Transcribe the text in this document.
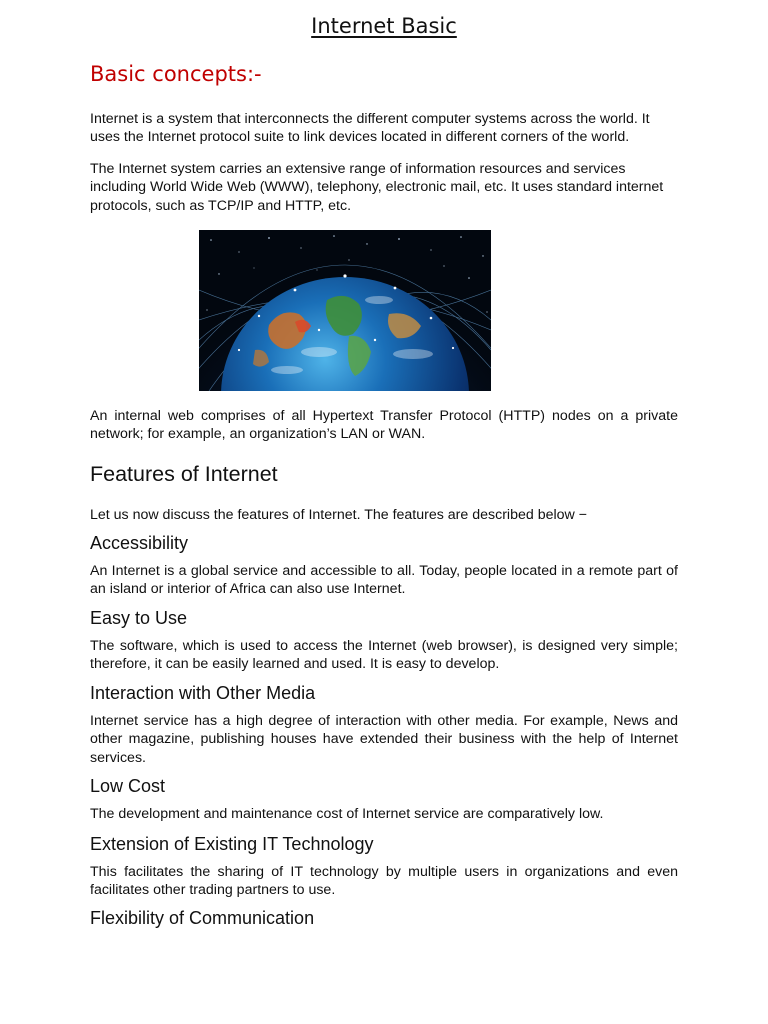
Internet Basic
Basic concepts:-

Internet is a system that interconnects the different computer systems across the world. It uses the Internet protocol suite to link devices located in different corners of the world.

The Internet system carries an extensive range of information resources and services including World Wide Web (WWW), telephony, electronic mail, etc. It uses standard internet protocols, such as TCP/IP and HTTP, etc.

An internal web comprises of all Hypertext Transfer Protocol (HTTP) nodes on a private network; for example, an organization’s LAN or WAN.

Features of Internet

Let us now discuss the features of Internet. The features are described below −

Accessibility

An Internet is a global service and accessible to all. Today, people located in a remote part of an island or interior of Africa can also use Internet.

Easy to Use

The software, which is used to access the Internet (web browser), is designed very simple; therefore, it can be easily learned and used. It is easy to develop.

Interaction with Other Media

Internet service has a high degree of interaction with other media. For example, News and other magazine, publishing houses have extended their business with the help of Internet services.

Low Cost

The development and maintenance cost of Internet service are comparatively low.

Extension of Existing IT Technology

This facilitates the sharing of IT technology by multiple users in organizations and even facilitates other trading partners to use.

Flexibility of Communication
